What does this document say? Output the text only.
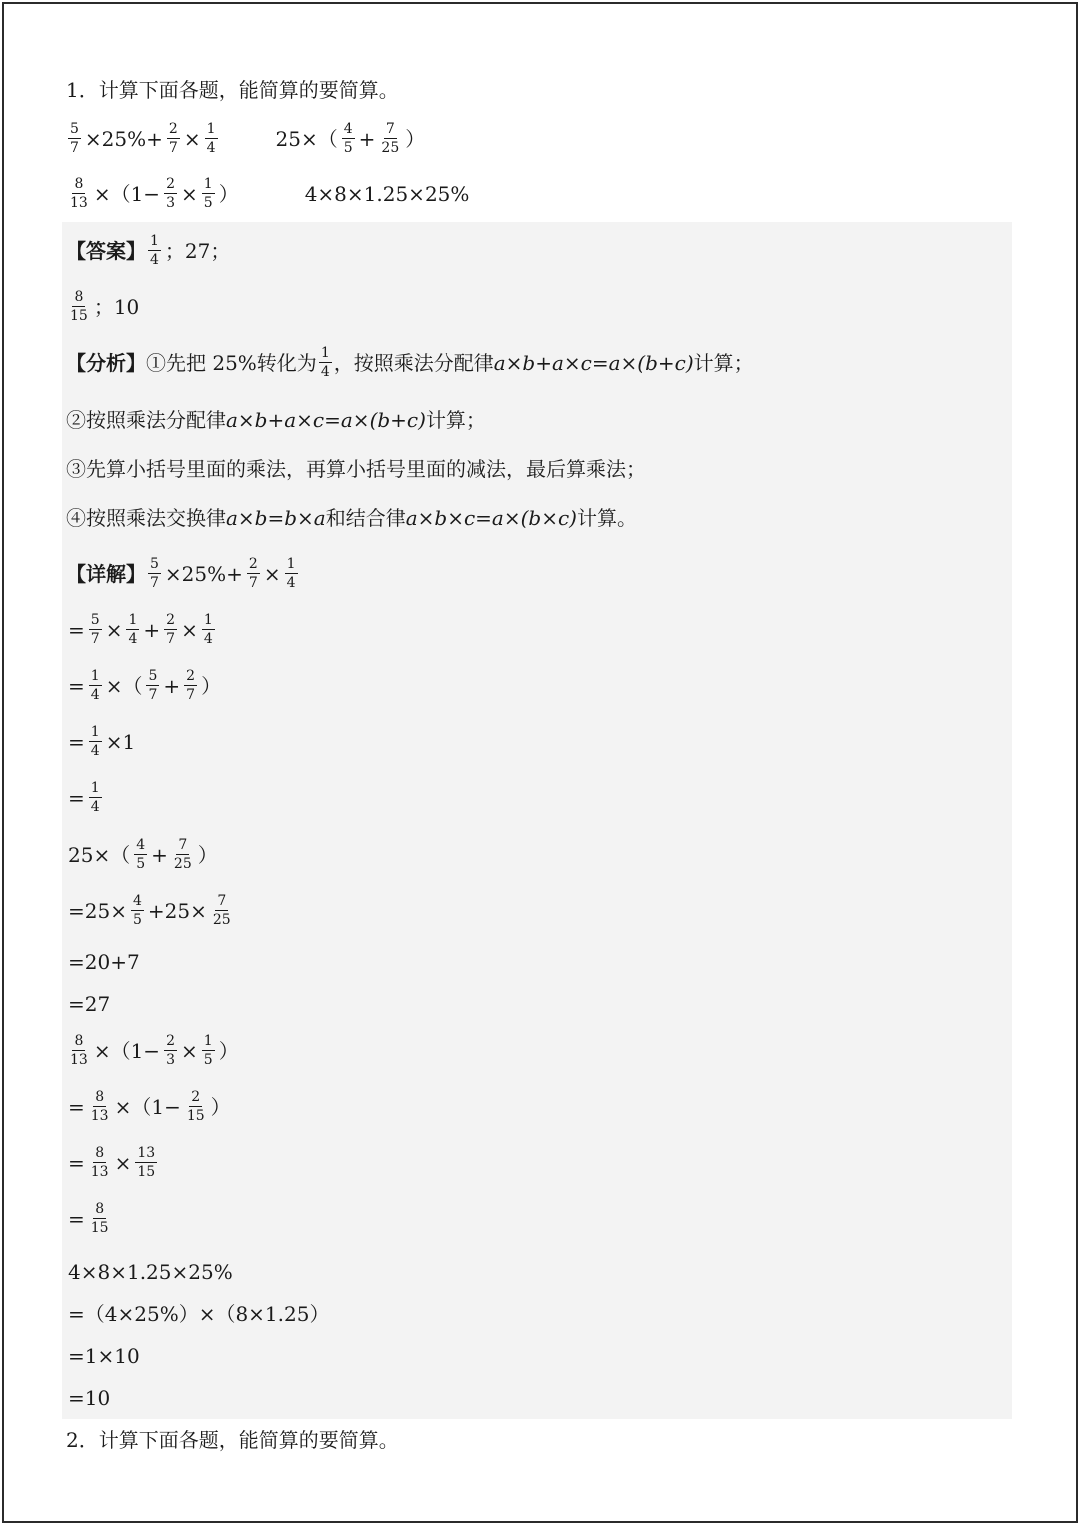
1．计算下面各题，能简算的要简算。
$\frac{5}{7} \times 25\%+ \frac{2}{7} \times \frac{1}{4}$	$25\times( \frac{4}{5} + \frac{7}{25}$ ）
$\frac{8}{13} \times(1- \frac{2}{3} \times \frac{1}{5}$ ）	4×8×1.25×25%
【答案】 $\frac{1}{4}$ ；27；
$\frac{8}{15}$ ；10
【分析】 ①先把 25%转化为 $\frac{1}{4}$ ，按照乘法分配律 a×b+a×c=a×(b+c) 计算；
②按照乘法分配律 a×b+a×c=a×(b+c) 计算；
③先算小括号里面的乘法，再算小括号里面的减法，最后算乘法；
④按照乘法交换律 a×b=b×a 和结合律 a×b×c=a×(b×c) 计算。
【详解】 $\frac{5}{7} \times 25\%+ \frac{2}{7} \times \frac{1}{4}$
= $\frac{5}{7} \times \frac{1}{4} + \frac{2}{7} \times \frac{1}{4}$
= $\frac{1}{4}$ ×（ $\frac{5}{7} + \frac{2}{7}$ ）
= $\frac{1}{4} \times 1$
= $\frac{1}{4}$
$25\times( \frac{4}{5} + \frac{7}{25}$ ）
$=25\times \frac{4}{5} +25\times \frac{7}{25}$
=20+7
=27
$\frac{8}{13} \times(1- \frac{2}{3} \times \frac{1}{5}$ ）
= $\frac{8}{13} \times(1- \frac{2}{15}$ ）
= $\frac{8}{13} \times \frac{13}{15}$
= $\frac{8}{15}$
4×8×1.25×25%
=（4×25%）×（8×1.25）
=1×10
=10
2．计算下面各题，能简算的要简算。
